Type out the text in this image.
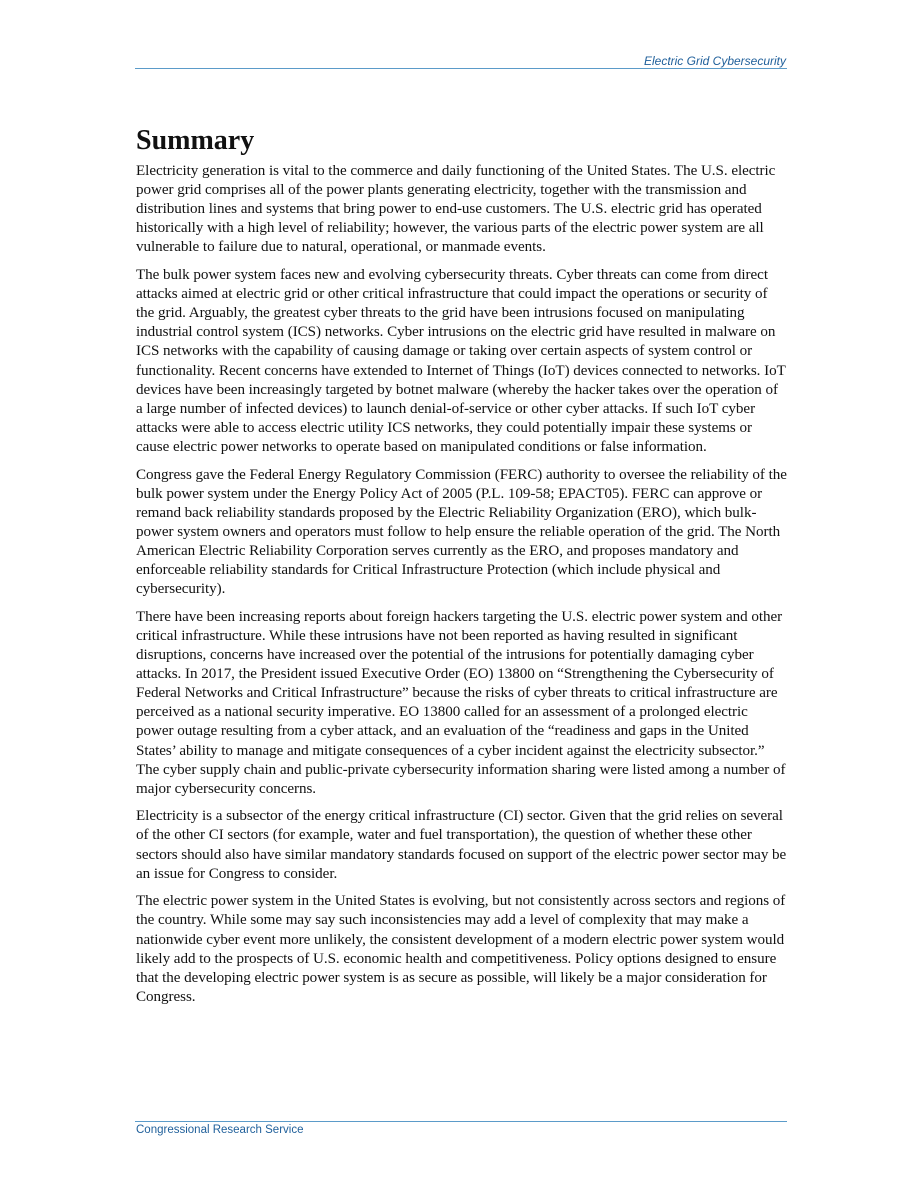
Electric Grid Cybersecurity
Summary

Electricity generation is vital to the commerce and daily functioning of the United States. The U.S. electric power grid comprises all of the power plants generating electricity, together with the transmission and distribution lines and systems that bring power to end-use customers. The U.S. electric grid has operated historically with a high level of reliability; however, the various parts of the electric power system are all vulnerable to failure due to natural, operational, or manmade events.

The bulk power system faces new and evolving cybersecurity threats. Cyber threats can come from direct attacks aimed at electric grid or other critical infrastructure that could impact the operations or security of the grid. Arguably, the greatest cyber threats to the grid have been intrusions focused on manipulating industrial control system (ICS) networks. Cyber intrusions on the electric grid have resulted in malware on ICS networks with the capability of causing damage or taking over certain aspects of system control or functionality. Recent concerns have extended to Internet of Things (IoT) devices connected to networks. IoT devices have been increasingly targeted by botnet malware (whereby the hacker takes over the operation of a large number of infected devices) to launch denial-of-service or other cyber attacks. If such IoT cyber attacks were able to access electric utility ICS networks, they could potentially impair these systems or cause electric power networks to operate based on manipulated conditions or false information.

Congress gave the Federal Energy Regulatory Commission (FERC) authority to oversee the reliability of the bulk power system under the Energy Policy Act of 2005 (P.L. 109-58; EPACT05). FERC can approve or remand back reliability standards proposed by the Electric Reliability Organization (ERO), which bulk-power system owners and operators must follow to help ensure the reliable operation of the grid. The North American Electric Reliability Corporation serves currently as the ERO, and proposes mandatory and enforceable reliability standards for Critical Infrastructure Protection (which include physical and cybersecurity).

There have been increasing reports about foreign hackers targeting the U.S. electric power system and other critical infrastructure. While these intrusions have not been reported as having resulted in significant disruptions, concerns have increased over the potential of the intrusions for potentially damaging cyber attacks. In 2017, the President issued Executive Order (EO) 13800 on “Strengthening the Cybersecurity of Federal Networks and Critical Infrastructure” because the risks of cyber threats to critical infrastructure are perceived as a national security imperative. EO 13800 called for an assessment of a prolonged electric power outage resulting from a cyber attack, and an evaluation of the “readiness and gaps in the United States’ ability to manage and mitigate consequences of a cyber incident against the electricity subsector.” The cyber supply chain and public-private cybersecurity information sharing were listed among a number of major cybersecurity concerns.

Electricity is a subsector of the energy critical infrastructure (CI) sector. Given that the grid relies on several of the other CI sectors (for example, water and fuel transportation), the question of whether these other sectors should also have similar mandatory standards focused on support of the electric power sector may be an issue for Congress to consider.

The electric power system in the United States is evolving, but not consistently across sectors and regions of the country. While some may say such inconsistencies may add a level of complexity that may make a nationwide cyber event more unlikely, the consistent development of a modern electric power system would likely add to the prospects of U.S. economic health and competitiveness. Policy options designed to ensure that the developing electric power system is as secure as possible, will likely be a major consideration for Congress.

Congressional Research Service
